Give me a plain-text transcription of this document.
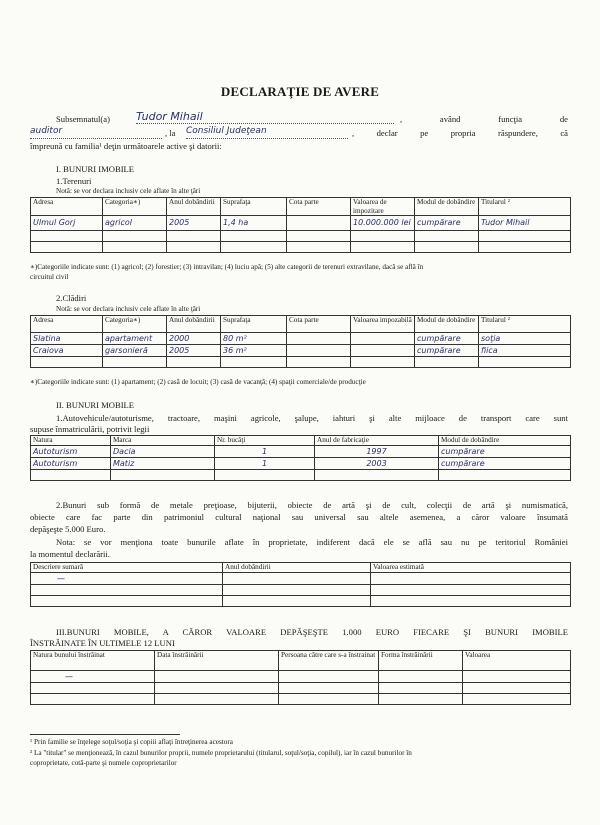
DECLARAŢIE DE AVERE
Subsemnatul(a) Tudor Mihail	, având funcţia de
auditor	, la Consiliul Judeţean	, declar pe propria răspundere, că
împreună cu familia¹ deţin următoarele active şi datorii:
I. BUNURI IMOBILE
1.Terenuri
Notă: se vor declara inclusiv cele aflate în alte ţări
Adresa	Categoria∗)	Anul dobândirii	Suprafaţa	Cota parte	Valoarea de impozitare	Modul de dobândire	Titularul ²
Ulmul Gorj	agricol	2005	1,4 ha		10.000.000 lei	cumpărare	Tudor Mihail

∗)Categoriile indicate sunt: (1) agricol; (2) forestier; (3) intravilan; (4) luciu apă; (5) alte categorii de terenuri extravilane, dacă se află în
circuitul civil
2.Clădiri
Notă: se vor declara inclusiv cele aflate în alte ţări
Adresa	Categoria∗)	Anul dobândirii	Suprafaţa	Cota parte	Valoarea impozabilă	Modul de dobândire	Titularul ²
Slatina	apartament	2000	80 m²			cumpărare	soţia
Craiova	garsonieră	2005	36 m²			cumpărare	fiica

∗)Categoriile indicate sunt: (1) apartament; (2) casă de locuit; (3) casă de vacanţă; (4) spaţii comerciale/de producţie
II. BUNURI MOBILE
1.Autovehicule/autoturisme, tractoare, maşini agricole, şalupe, iahturi şi alte mijloace de transport care sunt
supuse înmatriculării, potrivit legii
Natura	Marca	Nr. bucăţi	Anul de fabricaţie	Modul de dobândire
Autoturism	Dacia	1	1997	cumpărare
Autoturism	Matiz	1	2003	cumpărare

2.Bunuri sub formă de metale preţioase, bijuterii, obiecte de artă şi de cult, colecţii de artă şi numismatică,
obiecte care fac parte din patrimoniul cultural naţional sau universal sau altele asemenea, a căror valoare însumată
depăşeşte 5.000 Euro.
Nota: se vor menţiona toate bunurile aflate în proprietate, indiferent dacă ele se află sau nu pe teritoriul României
la momentul declarării.
Descriere sumară	Anul dobândirii	Valoarea estimată
—		

III.BUNURI MOBILE, A CĂROR VALOARE DEPĂŞEŞTE 1.000 EURO FIECARE ŞI BUNURI IMOBILE
ÎNSTRĂINATE ÎN ULTIMELE 12 LUNI
Natura bunului înstrăinat	Data înstrăinării	Persoana către care s-a înstrainat	Forma înstrăinării	Valoarea
—				

¹ Prin familie se înţelege soţul/soţia şi copiii aflaţi întreţinerea acestora
² La "titular" se menţionează, în cazul bunurilor proprii, numele proprietarului (titularul, soţul/soţia, copilul), iar în cazul bunurilor în
coproprietate, cotă-parte şi numele coproprietarilor
